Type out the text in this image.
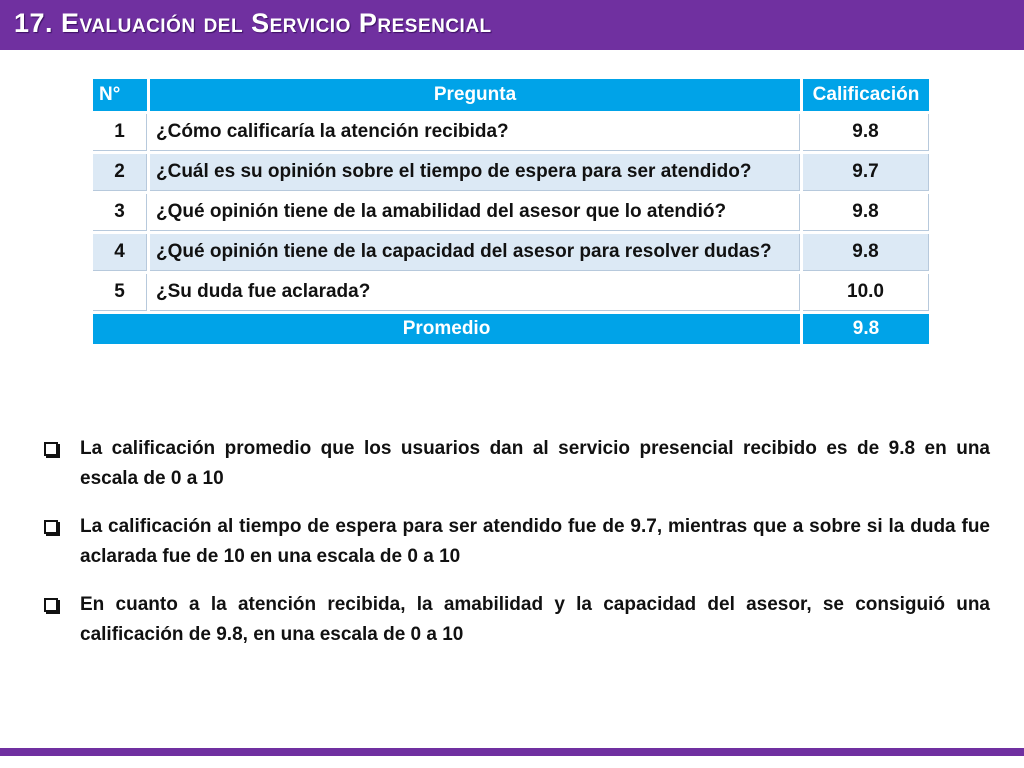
17. Evaluación del Servicio Presencial
N°	Pregunta	Calificación
1	¿Cómo calificaría la atención recibida?	9.8
2	¿Cuál es su opinión sobre el tiempo de espera para ser atendido?	9.7
3	¿Qué opinión tiene de la amabilidad del asesor que lo atendió?	9.8
4	¿Qué opinión tiene de la capacidad del asesor para resolver dudas?	9.8
5	¿Su duda fue aclarada?	10.0
Promedio		9.8
La calificación promedio que los usuarios dan al servicio presencial recibido es de 9.8 en una escala de 0 a 10
La calificación al tiempo de espera para ser atendido fue de 9.7, mientras que a sobre si la duda fue aclarada fue de 10 en una escala de 0 a 10
En cuanto a la atención recibida, la amabilidad y la capacidad del asesor, se consiguió una calificación de 9.8, en una escala de 0 a 10
